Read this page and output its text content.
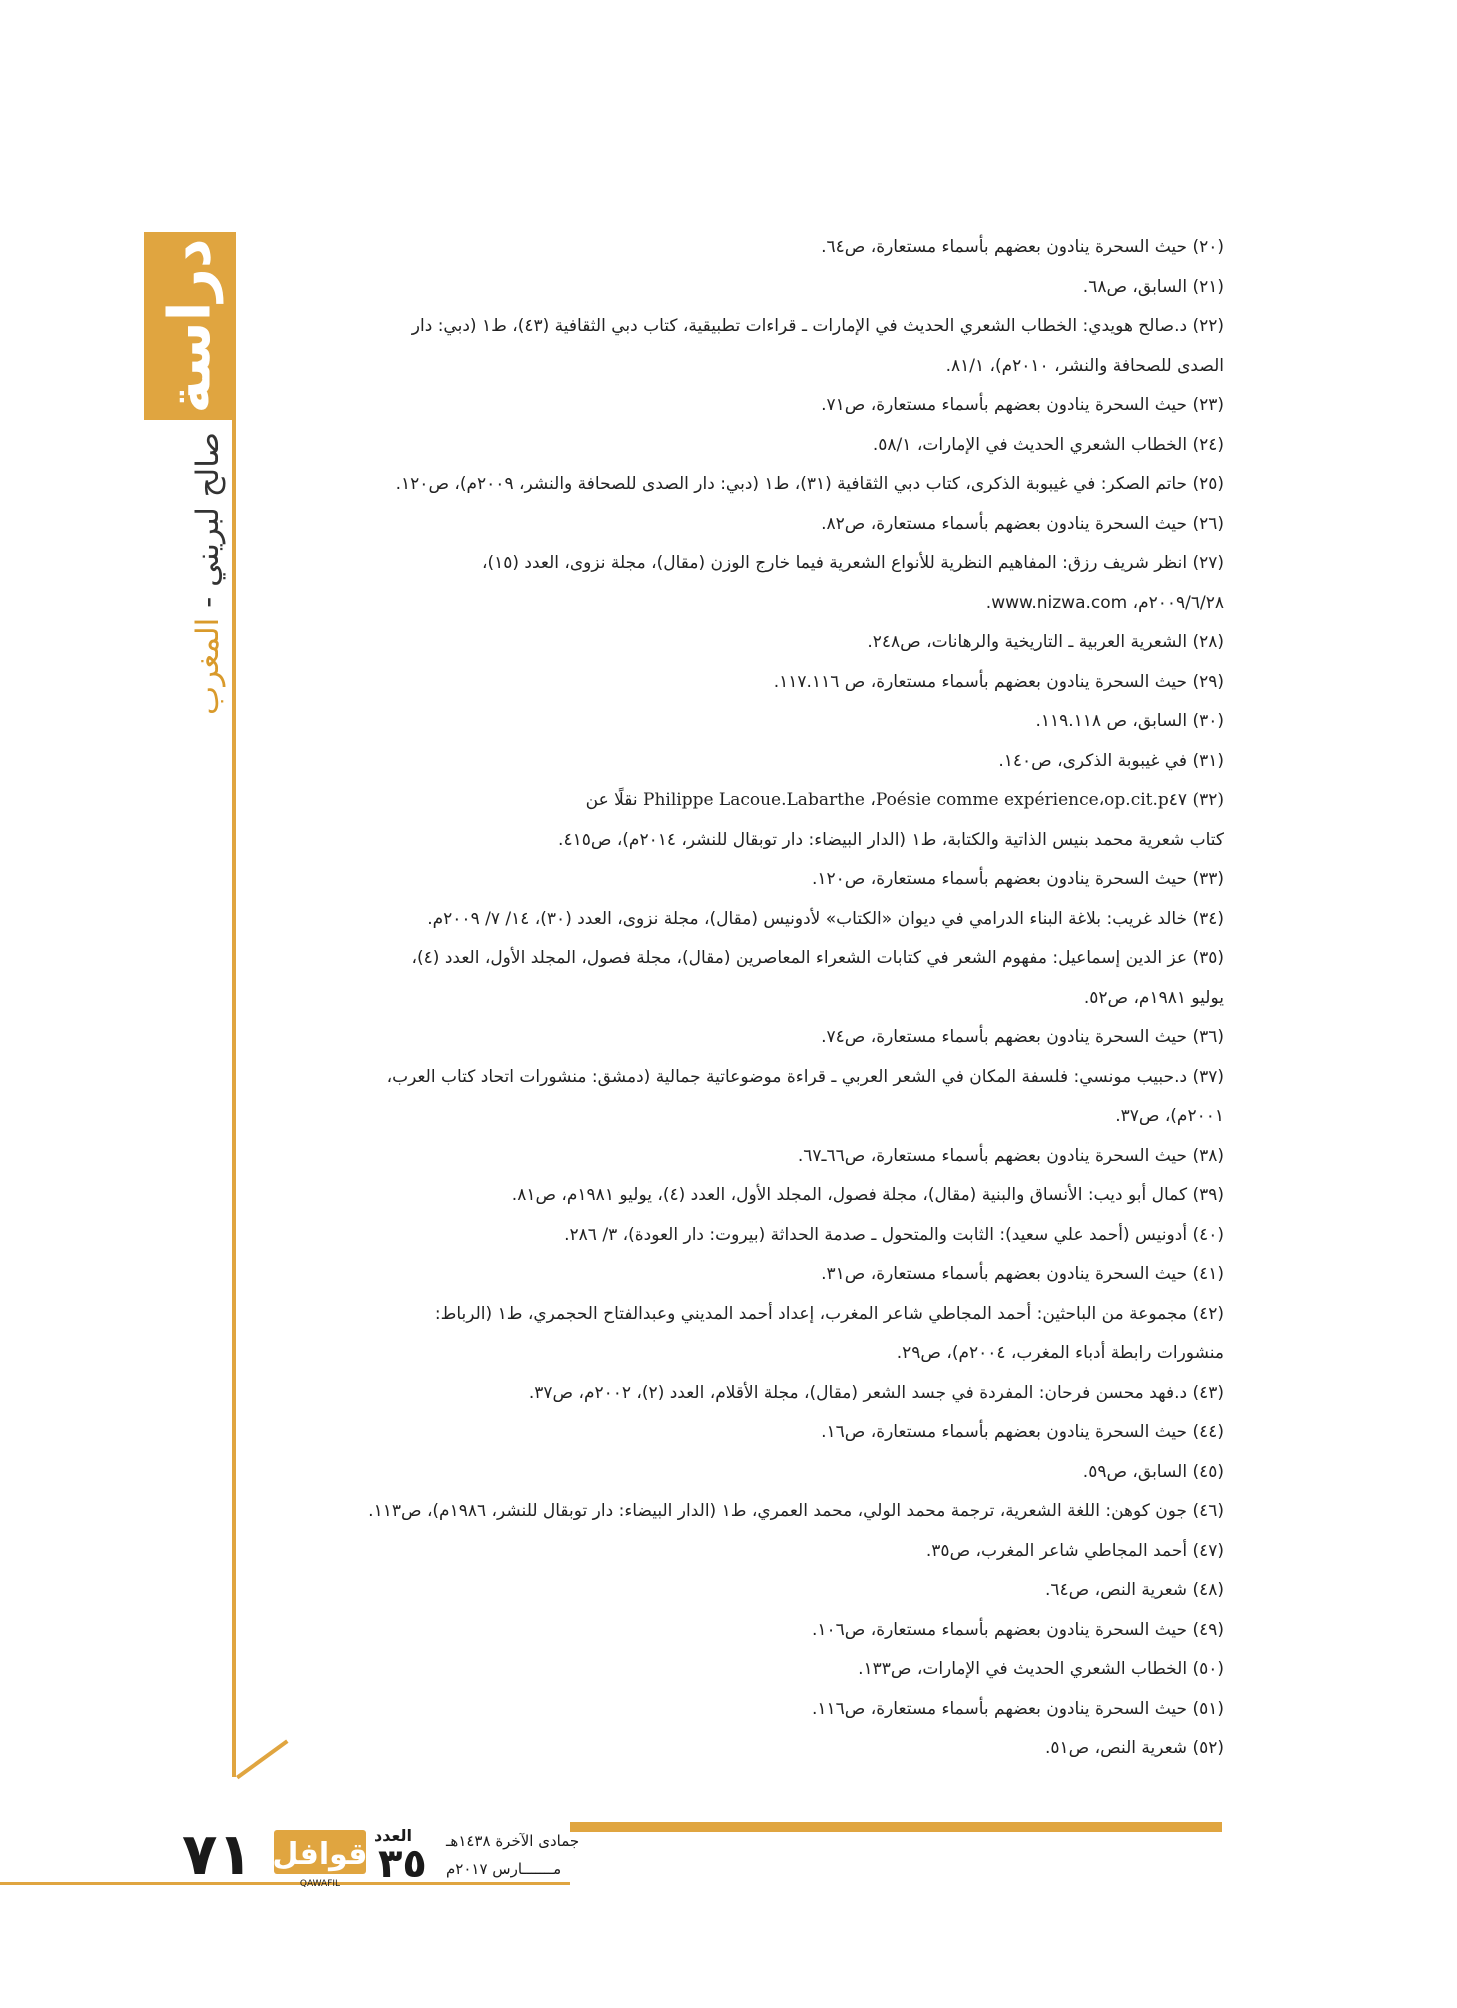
دراسة
صالح لبريني - المغرب

(٢٠) حيث السحرة ينادون بعضهم بأسماء مستعارة، ص٦٤.

(٢١) السابق، ص٦٨.

(٢٢) د.صالح هويدي: الخطاب الشعري الحديث في الإمارات ـ قراءات تطبيقية، كتاب دبي الثقافية (٤٣)، ط١ (دبي: دار

الصدى للصحافة والنشر، ٢٠١٠م)، ٨١/١.

(٢٣) حيث السحرة ينادون بعضهم بأسماء مستعارة، ص٧١.

(٢٤) الخطاب الشعري الحديث في الإمارات، ٥٨/١.

(٢٥) حاتم الصكر: في غيبوبة الذكرى، كتاب دبي الثقافية (٣١)، ط١ (دبي: دار الصدى للصحافة والنشر، ٢٠٠٩م)، ص١٢٠.

(٢٦) حيث السحرة ينادون بعضهم بأسماء مستعارة، ص٨٢.

(٢٧) انظر شريف رزق: المفاهيم النظرية للأنواع الشعرية فيما خارج الوزن (مقال)، مجلة نزوى، العدد (١٥)،

٢٠٠٩/٦/٢٨م، www.nizwa.com.

(٢٨) الشعرية العربية ـ التاريخية والرهانات، ص٢٤٨.

(٢٩) حيث السحرة ينادون بعضهم بأسماء مستعارة، ص ١١٧.١١٦.

(٣٠) السابق، ص ١١٩.١١٨.

(٣١) في غيبوبة الذكرى، ص١٤٠.

(٣٢) Philippe Lacoue.Labarthe ،Poésie comme expérience،op.cit.p٤٧ نقلًا عن

كتاب شعرية محمد بنيس الذاتية والكتابة، ط١ (الدار البيضاء: دار توبقال للنشر، ٢٠١٤م)، ص٤١٥.

(٣٣) حيث السحرة ينادون بعضهم بأسماء مستعارة، ص١٢٠.

(٣٤) خالد غريب: بلاغة البناء الدرامي في ديوان «الكتاب» لأدونيس (مقال)، مجلة نزوى، العدد (٣٠)، ١٤/ ٧/ ٢٠٠٩م.

(٣٥) عز الدين إسماعيل: مفهوم الشعر في كتابات الشعراء المعاصرين (مقال)، مجلة فصول، المجلد الأول، العدد (٤)،

يوليو ١٩٨١م، ص٥٢.

(٣٦) حيث السحرة ينادون بعضهم بأسماء مستعارة، ص٧٤.

(٣٧) د.حبيب مونسي: فلسفة المكان في الشعر العربي ـ قراءة موضوعاتية جمالية (دمشق: منشورات اتحاد كتاب العرب،

٢٠٠١م)، ص٣٧.

(٣٨) حيث السحرة ينادون بعضهم بأسماء مستعارة، ص٦٦ـ٦٧.

(٣٩) كمال أبو ديب: الأنساق والبنية (مقال)، مجلة فصول، المجلد الأول، العدد (٤)، يوليو ١٩٨١م، ص٨١.

(٤٠) أدونيس (أحمد علي سعيد): الثابت والمتحول ـ صدمة الحداثة (بيروت: دار العودة)، ٣/ ٢٨٦.

(٤١) حيث السحرة ينادون بعضهم بأسماء مستعارة، ص٣١.

(٤٢) مجموعة من الباحثين: أحمد المجاطي شاعر المغرب، إعداد أحمد المديني وعبدالفتاح الحجمري، ط١ (الرباط:

منشورات رابطة أدباء المغرب، ٢٠٠٤م)، ص٢٩.

(٤٣) د.فهد محسن فرحان: المفردة في جسد الشعر (مقال)، مجلة الأقلام، العدد (٢)، ٢٠٠٢م، ص٣٧.

(٤٤) حيث السحرة ينادون بعضهم بأسماء مستعارة، ص١٦.

(٤٥) السابق، ص٥٩.

(٤٦) جون كوهن: اللغة الشعرية، ترجمة محمد الولي، محمد العمري، ط١ (الدار البيضاء: دار توبقال للنشر، ١٩٨٦م)، ص١١٣.

(٤٧) أحمد المجاطي شاعر المغرب، ص٣٥.

(٤٨) شعرية النص، ص٦٤.

(٤٩) حيث السحرة ينادون بعضهم بأسماء مستعارة، ص١٠٦.

(٥٠) الخطاب الشعري الحديث في الإمارات، ص١٣٣.

(٥١) حيث السحرة ينادون بعضهم بأسماء مستعارة، ص١١٦.

(٥٢) شعرية النص، ص٥١.

٧١ قوافل
QAWAFIL
العدد
٣٥ جمادى الآخرة ١٤٣٨هـ
مـــــــارس ٢٠١٧م
